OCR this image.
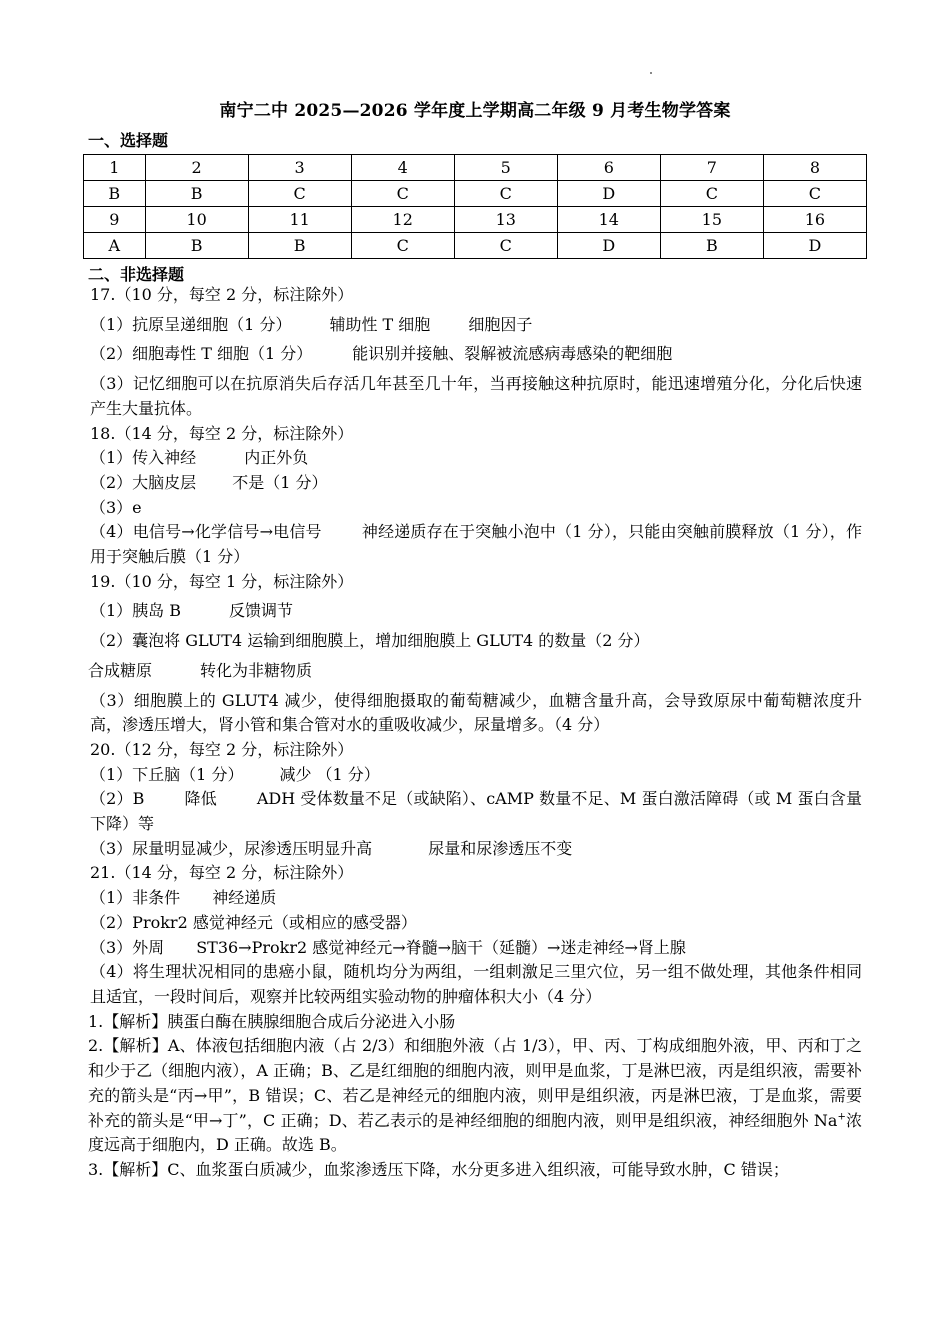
南宁二中 2025—2026 学年度上学期高二年级 9 月考生物学答案
一、选择题
1	2	3	4	5	6	7	8
B	B	C	C	C	D	C	C
9	10	11	12	13	14	15	16
A	B	B	C	C	D	B	D
二、非选择题
17.（10 分，每空 2 分，标注除外）
（1）抗原呈递细胞（1 分） 辅助性 T 细胞 细胞因子
（2）细胞毒性 T 细胞（1 分）	能识别并接触、裂解被流感病毒感染的靶细胞
（3）记忆细胞可以在抗原消失后存活几年甚至几十年，当再接触这种抗原时，能迅速增殖分化，分化后快速产生大量抗体。
18.（14 分，每空 2 分，标注除外）
（1）传入神经	内正外负
（2）大脑皮层 不是（1 分）
（3）e
（4）电信号→化学信号→电信号	神经递质存在于突触小泡中（1 分），只能由突触前膜释放（1 分），作用于突触后膜（1 分）
19.（10 分，每空 1 分，标注除外）
（1）胰岛 B	反馈调节
（2）囊泡将 GLUT4 运输到细胞膜上，增加细胞膜上 GLUT4 的数量（2 分）
合成糖原	转化为非糖物质
（3）细胞膜上的 GLUT4 减少，使得细胞摄取的葡萄糖减少，血糖含量升高，会导致原尿中葡萄糖浓度升高，渗透压增大，肾小管和集合管对水的重吸收减少，尿量增多。（4 分）
20.（12 分，每空 2 分，标注除外）
（1）下丘脑（1 分） 减少 （1 分）
（2）B	降低	ADH 受体数量不足（或缺陷）、cAMP 数量不足、M 蛋白激活障碍（或 M 蛋白含量下降）等
（3）尿量明显减少，尿渗透压明显升高	尿量和尿渗透压不变
21.（14 分，每空 2 分，标注除外）
（1）非条件 神经递质
（2）Prokr2 感觉神经元（或相应的感受器）
（3）外周 ST36→Prokr2 感觉神经元→脊髓→脑干（延髓）→迷走神经→肾上腺
（4）将生理状况相同的患癌小鼠，随机均分为两组，一组刺激足三里穴位，另一组不做处理，其他条件相同且适宜，一段时间后，观察并比较两组实验动物的肿瘤体积大小（4 分）
1.【解析】胰蛋白酶在胰腺细胞合成后分泌进入小肠
2.【解析】A、体液包括细胞内液（占 2/3）和细胞外液（占 1/3），甲、丙、丁构成细胞外液，甲、丙和丁之和少于乙（细胞内液），A 正确；B、乙是红细胞的细胞内液，则甲是血浆，丁是淋巴液，丙是组织液，需要补充的箭头是“丙→甲”，B 错误；C、若乙是神经元的细胞内液，则甲是组织液，丙是淋巴液，丁是血浆，需要补充的箭头是“甲→丁”，C 正确；D、若乙表示的是神经细胞的细胞内液，则甲是组织液，神经细胞外 Na+浓度远高于细胞内，D 正确。故选 B。
3.【解析】C、血浆蛋白质减少，血浆渗透压下降，水分更多进入组织液，可能导致水肿，C 错误；
